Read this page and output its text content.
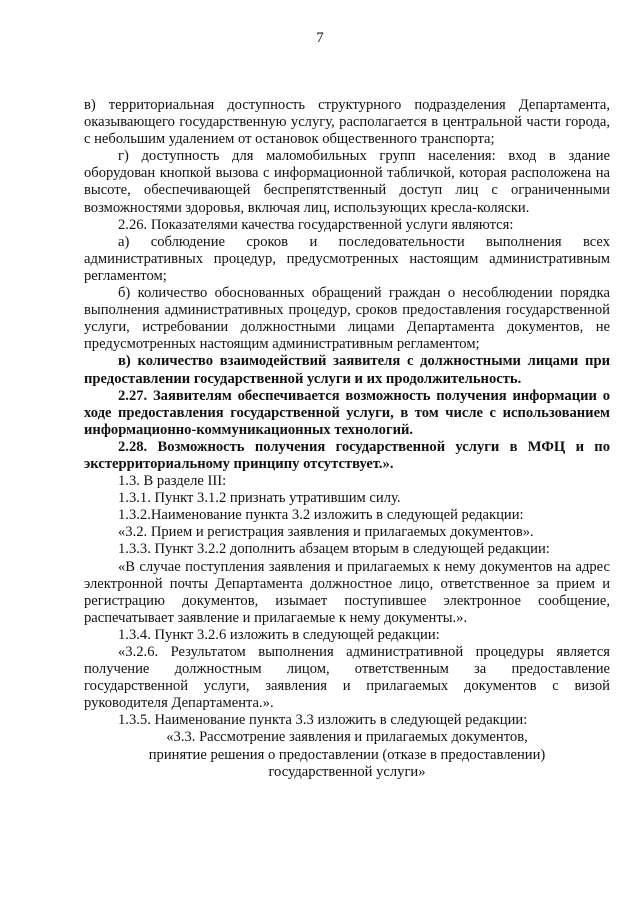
7

в) территориальная доступность структурного подразделения Департамента, оказывающего государственную услугу, располагается в центральной части города, с небольшим удалением от остановок общественного транспорта;

г) доступность для маломобильных групп населения: вход в здание оборудован кнопкой вызова с информационной табличкой, которая расположена на высоте, обеспечивающей беспрепятственный доступ лиц с ограниченными возможностями здоровья, включая лиц, использующих кресла-коляски.

2.26. Показателями качества государственной услуги являются:

а) соблюдение сроков и последовательности выполнения всех административных процедур, предусмотренных настоящим административным регламентом;

б) количество обоснованных обращений граждан о несоблюдении порядка выполнения административных процедур, сроков предоставления государственной услуги, истребовании должностными лицами Департамента документов, не предусмотренных настоящим административным регламентом;

в) количество взаимодействий заявителя с должностными лицами при предоставлении государственной услуги и их продолжительность.

2.27. Заявителям обеспечивается возможность получения информации о ходе предоставления государственной услуги, в том числе с использованием информационно-коммуникационных технологий.

2.28. Возможность получения государственной услуги в МФЦ и по экстерриториальному принципу отсутствует.».

1.3. В разделе III:

1.3.1. Пункт 3.1.2 признать утратившим силу.

1.3.2.Наименование пункта 3.2 изложить в следующей редакции:

«3.2. Прием и регистрация заявления и прилагаемых документов».

1.3.3. Пункт 3.2.2 дополнить абзацем вторым в следующей редакции:

«В случае поступления заявления и прилагаемых к нему документов на адрес электронной почты Департамента должностное лицо, ответственное за прием и регистрацию документов, изымает поступившее электронное сообщение, распечатывает заявление и прилагаемые к нему документы.».

1.3.4. Пункт 3.2.6 изложить в следующей редакции:

«3.2.6. Результатом выполнения административной процедуры является получение должностным лицом, ответственным за предоставление государственной услуги, заявления и прилагаемых документов с визой руководителя Департамента.».

1.3.5. Наименование пункта 3.3 изложить в следующей редакции:

«3.3. Рассмотрение заявления и прилагаемых документов,

принятие решения о предоставлении (отказе в предоставлении)

государственной услуги»
